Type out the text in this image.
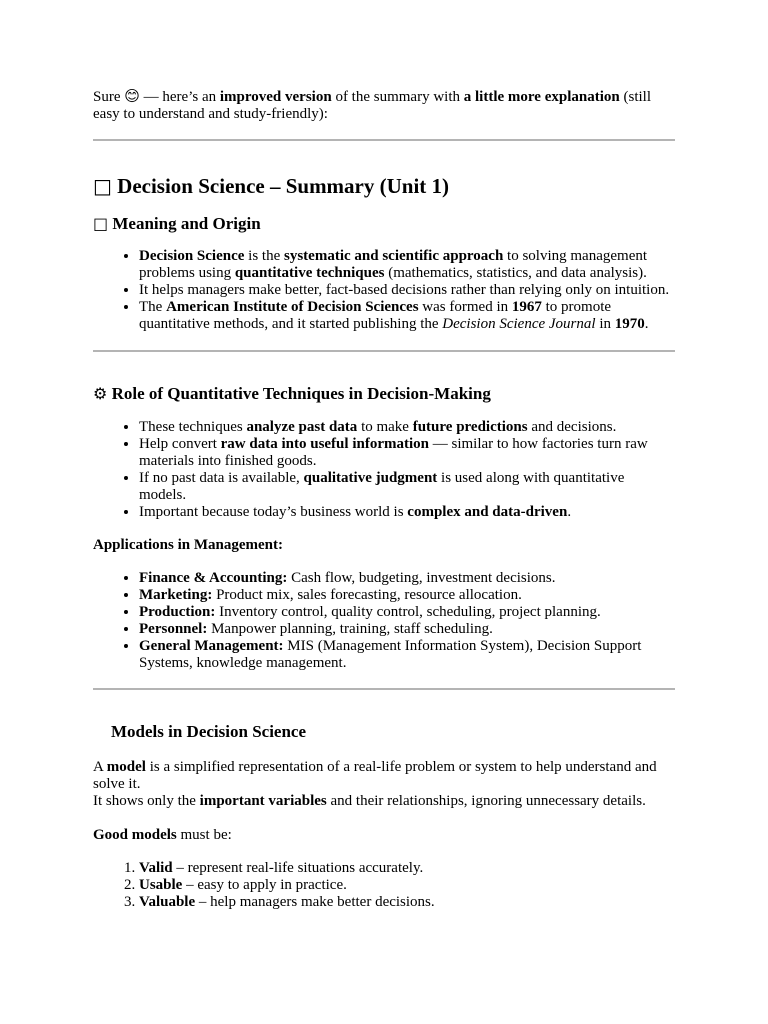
Sure 😊 — here’s an improved version of the summary with a little more explanation (still easy to understand and study-friendly):

□ Decision Science – Summary (Unit 1)
□ Meaning and Origin
• Decision Science is the systematic and scientific approach to solving management problems using quantitative techniques (mathematics, statistics, and data analysis).
• It helps managers make better, fact-based decisions rather than relying only on intuition.
• The American Institute of Decision Sciences was formed in 1967 to promote quantitative methods, and it started publishing the Decision Science Journal in 1970.
⚙ Role of Quantitative Techniques in Decision-Making
• These techniques analyze past data to make future predictions and decisions.
• Help convert raw data into useful information — similar to how factories turn raw materials into finished goods.
• If no past data is available, qualitative judgment is used along with quantitative models.
• Important because today’s business world is complex and data-driven.

Applications in Management:

• Finance & Accounting: Cash flow, budgeting, investment decisions.
• Marketing: Product mix, sales forecasting, resource allocation.
• Production: Inventory control, quality control, scheduling, project planning.
• Personnel: Manpower planning, training, staff scheduling.
• General Management: MIS (Management Information System), Decision Support Systems, knowledge management.
Models in Decision Science

A model is a simplified representation of a real-life problem or system to help understand and solve it.
It shows only the important variables and their relationships, ignoring unnecessary details.

Good models must be:

1. Valid – represent real-life situations accurately.
2. Usable – easy to apply in practice.
3. Valuable – help managers make better decisions.
